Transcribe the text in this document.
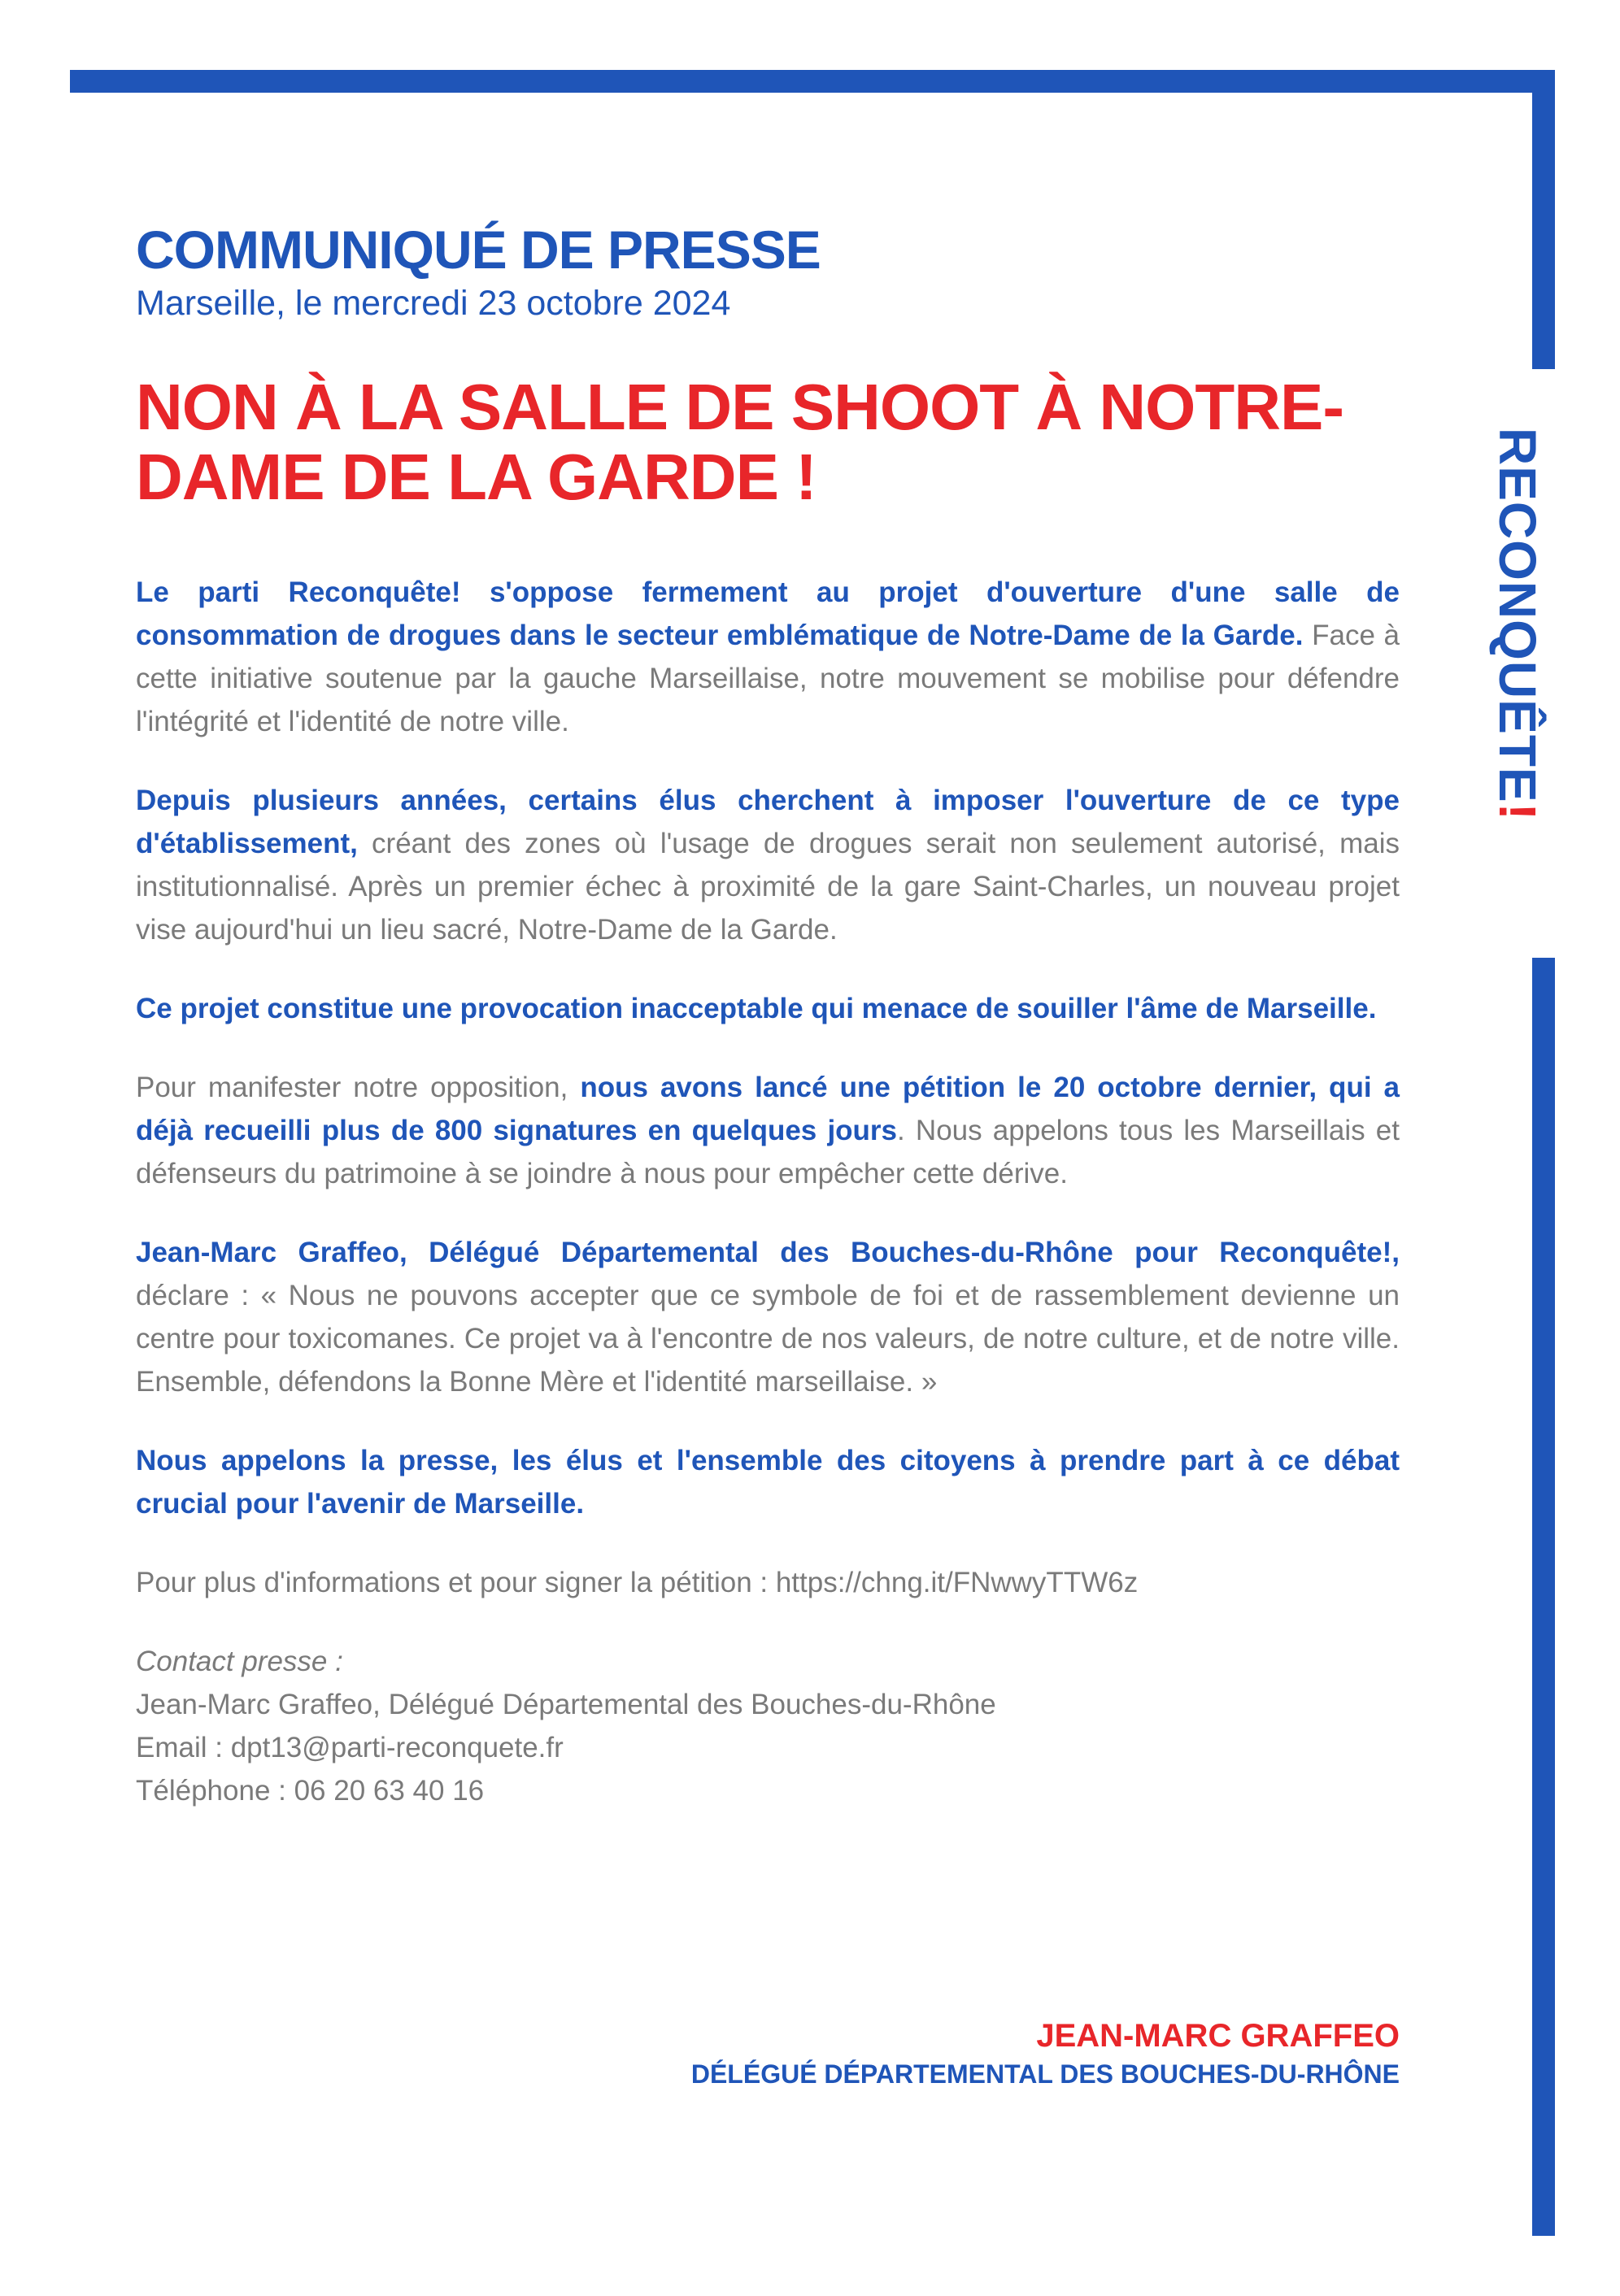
RECONQUÊTE!
COMMUNIQUÉ DE PRESSE

Marseille, le mercredi 23 octobre 2024

NON À LA SALLE DE SHOOT À NOTRE-DAME DE LA GARDE !

Le parti Reconquête! s'oppose fermement au projet d'ouverture d'une salle de consommation de drogues dans le secteur emblématique de Notre-Dame de la Garde. Face à cette initiative soutenue par la gauche Marseillaise, notre mouvement se mobilise pour défendre l'intégrité et l'identité de notre ville.

Depuis plusieurs années, certains élus cherchent à imposer l'ouverture de ce type d'établissement, créant des zones où l'usage de drogues serait non seulement autorisé, mais institutionnalisé. Après un premier échec à proximité de la gare Saint-Charles, un nouveau projet vise aujourd'hui un lieu sacré, Notre-Dame de la Garde.

Ce projet constitue une provocation inacceptable qui menace de souiller l'âme de Marseille.

Pour manifester notre opposition, nous avons lancé une pétition le 20 octobre dernier, qui a déjà recueilli plus de 800 signatures en quelques jours. Nous appelons tous les Marseillais et défenseurs du patrimoine à se joindre à nous pour empêcher cette dérive.

Jean-Marc Graffeo, Délégué Départemental des Bouches-du-Rhône pour Reconquête!, déclare : « Nous ne pouvons accepter que ce symbole de foi et de rassemblement devienne un centre pour toxicomanes. Ce projet va à l'encontre de nos valeurs, de notre culture, et de notre ville. Ensemble, défendons la Bonne Mère et l'identité marseillaise. »

Nous appelons la presse, les élus et l'ensemble des citoyens à prendre part à ce débat crucial pour l'avenir de Marseille.

Pour plus d'informations et pour signer la pétition : https://chng.it/FNwwyTTW6z

Contact presse :
Jean-Marc Graffeo, Délégué Départemental des Bouches-du-Rhône
Email : dpt13@parti-reconquete.fr
Téléphone : 06 20 63 40 16

JEAN-MARC GRAFFEO

DÉLÉGUÉ DÉPARTEMENTAL DES BOUCHES-DU-RHÔNE
